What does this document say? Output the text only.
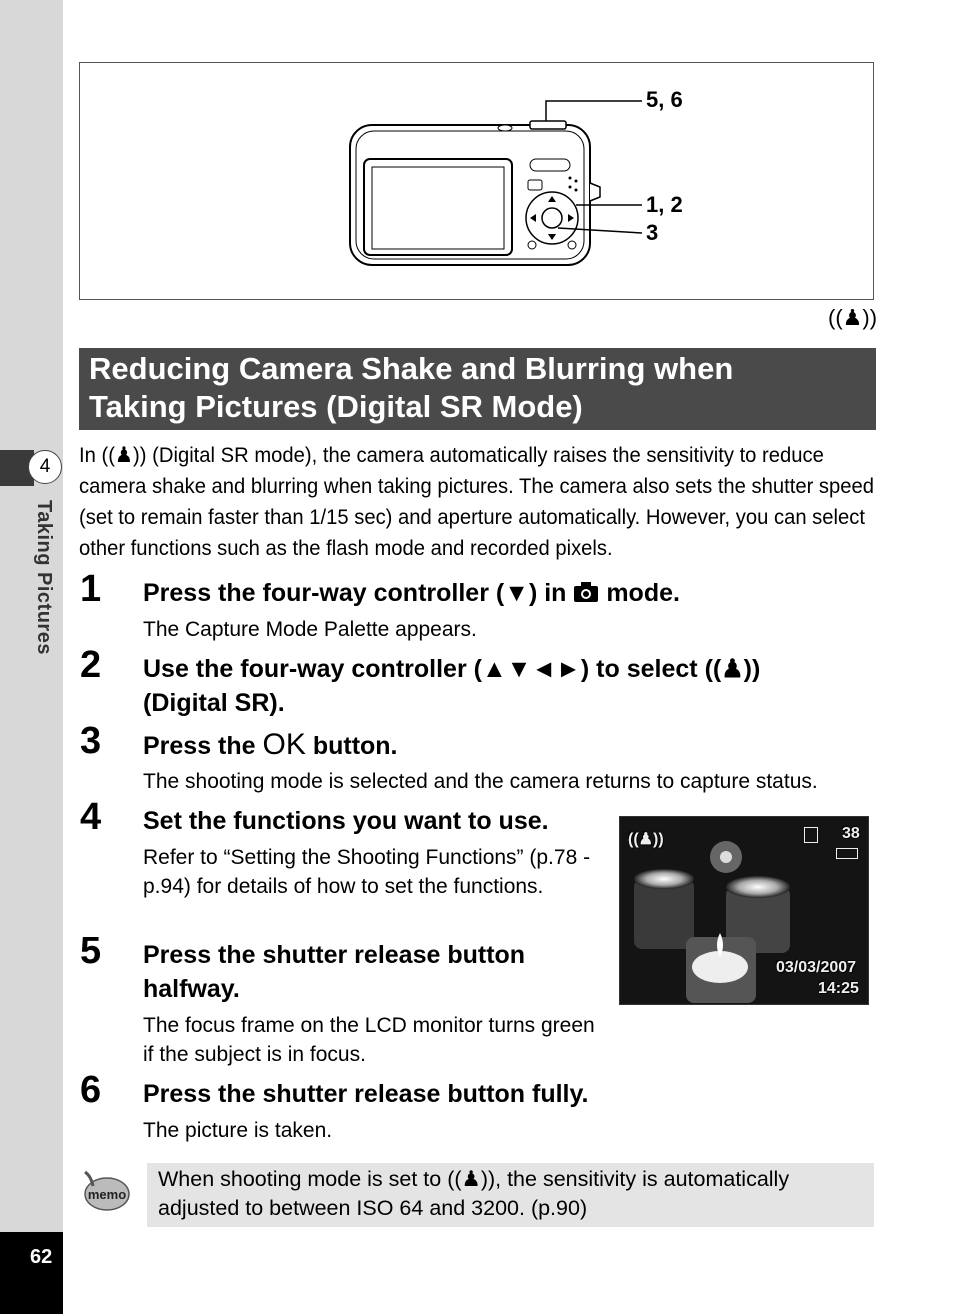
4
Taking Pictures
62
5, 6
1, 2
3
((♟))
Reducing Camera Shake and Blurring when
Taking Pictures (Digital SR Mode)
In ((♟)) (Digital SR mode), the camera automatically raises the sensitivity to reduce camera shake and blurring when taking pictures. The camera also sets the shutter speed (set to remain faster than 1/15 sec) and aperture automatically. However, you can select other functions such as the flash mode and recorded pixels.
1 Press the four-way controller (▼) in  mode.
The Capture Mode Palette appears.
2 Use the four-way controller (▲▼◄►) to select ((♟))
(Digital SR).
3 Press the OK button.
The shooting mode is selected and the camera returns to capture status.
4 Set the functions you want to use.
Refer to “Setting the Shooting Functions” (p.78 - p.94) for details of how to set the functions.
5 Press the shutter release button halfway.
The focus frame on the LCD monitor turns green if the subject is in focus.
6 Press the shutter release button fully.
The picture is taken.
((♟))	38
03/03/2007
14:25
memo
When shooting mode is set to ((♟)), the sensitivity is automatically adjusted to between ISO 64 and 3200. (p.90)
